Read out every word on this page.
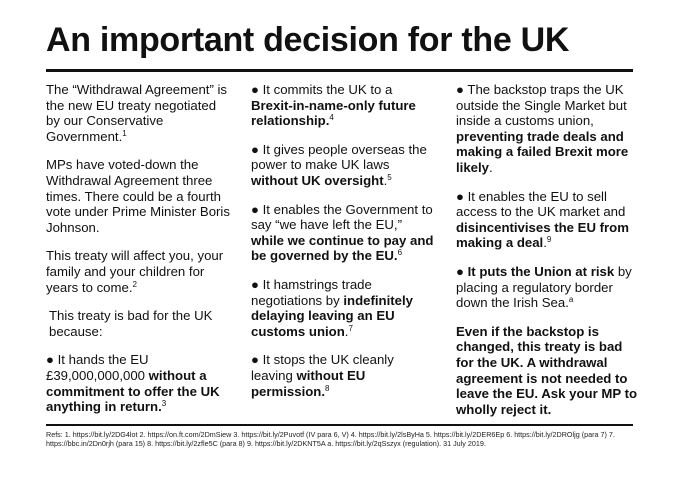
An important decision for the UK

The “Withdrawal Agreement” is the new EU treaty negotiated by our Conservative Government.$^1$

MPs have voted-down the Withdrawal Agreement three times. There could be a fourth vote under Prime Minister Boris Johnson.

This treaty will affect you, your family and your children for years to come.$^2$

This treaty is bad for the UK because:

● It hands the EU £39,000,000,000 without a commitment to offer the UK anything in return.$^3$

● It commits the UK to a Brexit-in-name-only future relationship.$^4$

● It gives people overseas the power to make UK laws without UK oversight.$^5$

● It enables the Government to say “we have left the EU,” while we continue to pay and be governed by the EU.$^6$

● It hamstrings trade negotiations by indefinitely delaying leaving an EU customs union.$^7$

● It stops the UK cleanly leaving without EU permission.$^8$

● The backstop traps the UK outside the Single Market but inside a customs union, preventing trade deals and making a failed Brexit more likely.

● It enables the EU to sell access to the UK market and disincentivises the EU from making a deal.$^9$

● It puts the Union at risk by placing a regulatory border down the Irish Sea.$^a$

Even if the backstop is changed, this treaty is bad for the UK. A withdrawal agreement is not needed to leave the EU. Ask your MP to wholly reject it.

Refs: 1. https://bit.ly/2DG4lot 2. https://on.ft.com/2DmSiew 3. https://bit.ly/2Puvotf (IV para 6, V) 4. https://bit.ly/2lsByHa 5. https://bit.ly/2DER6Ep 6. https://bit.ly/2DROljg (para 7) 7. https://bbc.in/2Dn0rjh (para 15) 8. https://bit.ly/2zfle5C (para 8) 9. https://bit.ly/2DKNT5A a. https://bit.ly/2qSszyx (regulation). 31 July 2019.
